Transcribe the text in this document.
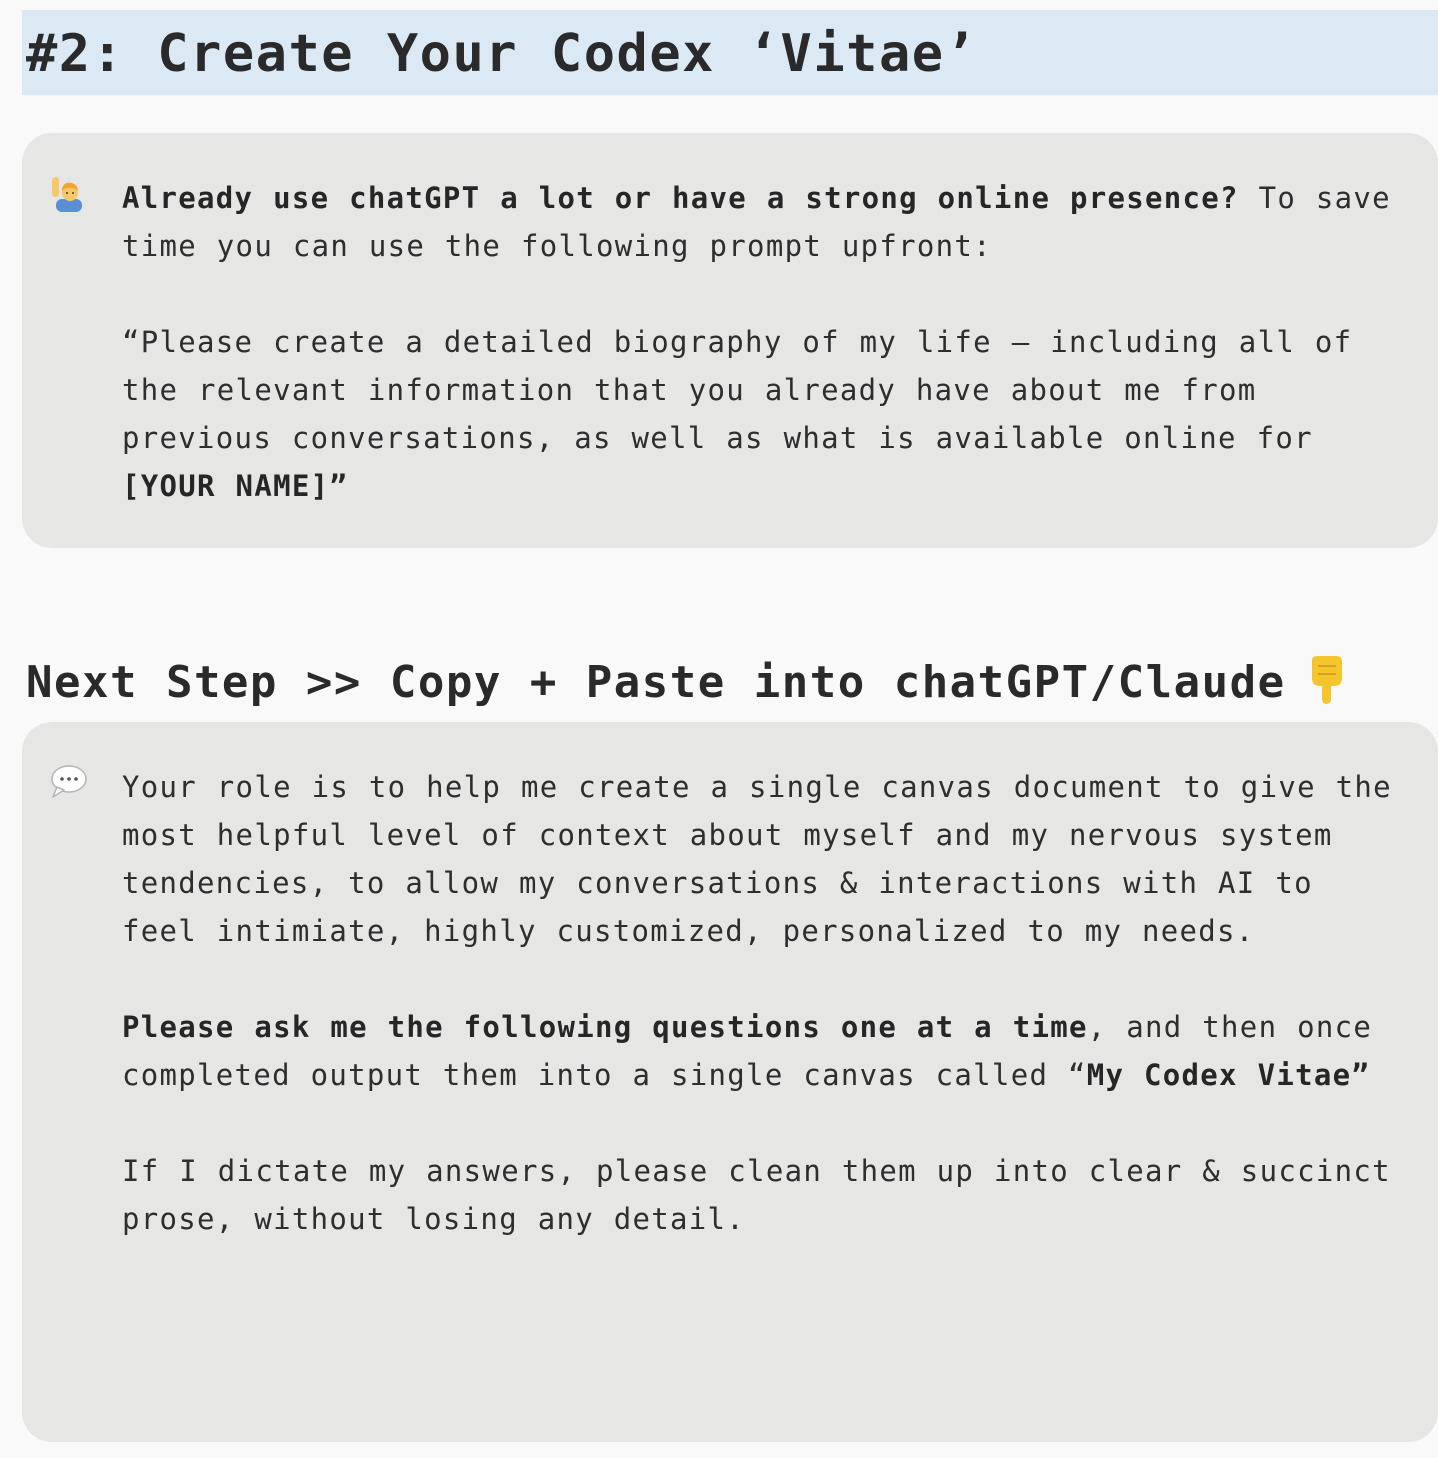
#2: Create Your Codex ‘Vitae’

Already use chatGPT a lot or have a strong online presence? To save time you can use the following prompt upfront:

“Please create a detailed biography of my life – including all of the relevant information that you already have about me from previous conversations, as well as what is available online for [YOUR NAME]”

Next Step >> Copy + Paste into chatGPT/Claude

Your role is to help me create a single canvas document to give the most helpful level of context about myself and my nervous system tendencies, to allow my conversations & interactions with AI to feel intimiate, highly customized, personalized to my needs.

Please ask me the following questions one at a time, and then once completed output them into a single canvas called “My Codex Vitae”

If I dictate my answers, please clean them up into clear & succinct prose, without losing any detail.
